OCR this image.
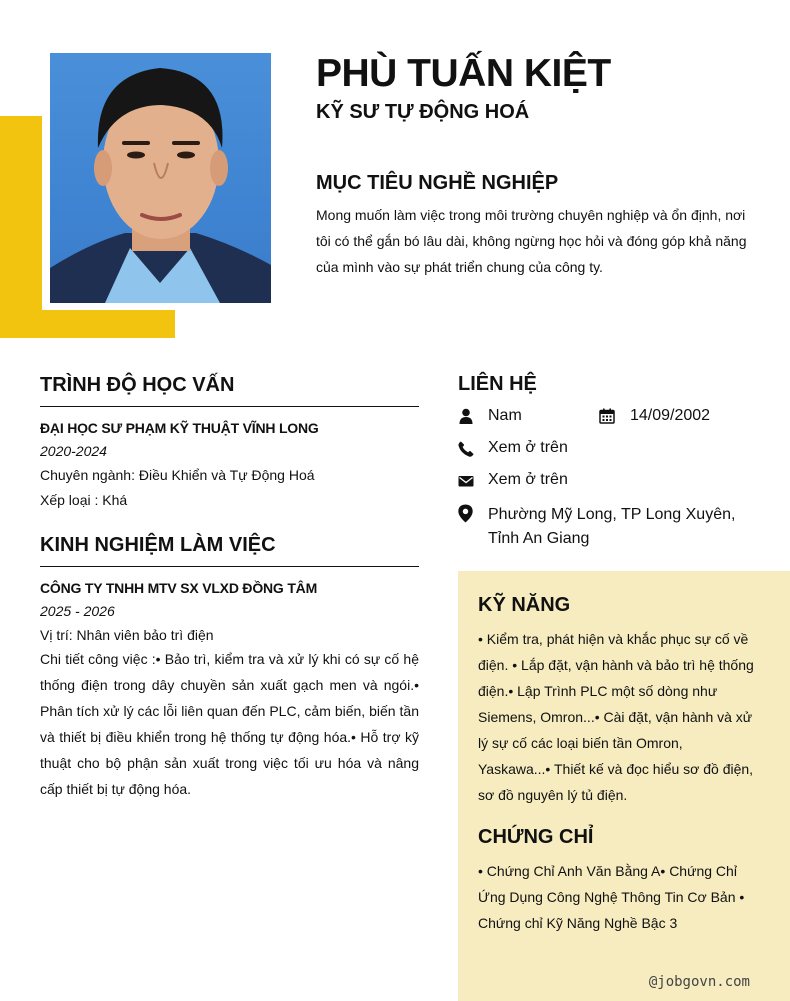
PHÙ TUẤN KIỆT
KỸ SƯ TỰ ĐỘNG HOÁ
MỤC TIÊU NGHỀ NGHIỆP

Mong muốn làm việc trong môi trường chuyên nghiệp và ổn định, nơi tôi có thể gắn bó lâu dài, không ngừng học hỏi và đóng góp khả năng của mình vào sự phát triển chung của công ty.

TRÌNH ĐỘ HỌC VẤN

ĐẠI HỌC SƯ PHẠM KỸ THUẬT VĨNH LONG

2020-2024

Chuyên ngành: Điều Khiển và Tự Động Hoá

Xếp loại : Khá

KINH NGHIỆM LÀM VIỆC

CÔNG TY TNHH MTV SX VLXD ĐỒNG TÂM

2025 - 2026

Vị trí: Nhân viên bảo trì điện

Chi tiết công việc :• Bảo trì, kiểm tra và xử lý khi có sự cố hệ thống điện trong dây chuyền sản xuất gạch men và ngói.• Phân tích xử lý các lỗi liên quan đến PLC, cảm biến, biến tần và thiết bị điều khiển trong hệ thống tự động hóa.• Hỗ trợ kỹ thuật cho bộ phận sản xuất trong việc tối ưu hóa và nâng cấp thiết bị tự động hóa.

LIÊN HỆ
Nam	14/09/2002
Xem ở trên
Xem ở trên
Phường Mỹ Long, TP Long Xuyên, Tỉnh An Giang
KỸ NĂNG

• Kiểm tra, phát hiện và khắc phục sự cố về điện. • Lắp đặt, vận hành và bảo trì hệ thống điện.• Lập Trình PLC một số dòng như Siemens, Omron...• Cài đặt, vận hành và xử lý sự cố các loại biến tần Omron, Yaskawa...• Thiết kế và đọc hiểu sơ đồ điện, sơ đồ nguyên lý tủ điện.

CHỨNG CHỈ

• Chứng Chỉ Anh Văn Bằng A• Chứng Chỉ Ứng Dụng Công Nghệ Thông Tin Cơ Bản • Chứng chỉ Kỹ Năng Nghề Bậc 3

@jobgovn.com
